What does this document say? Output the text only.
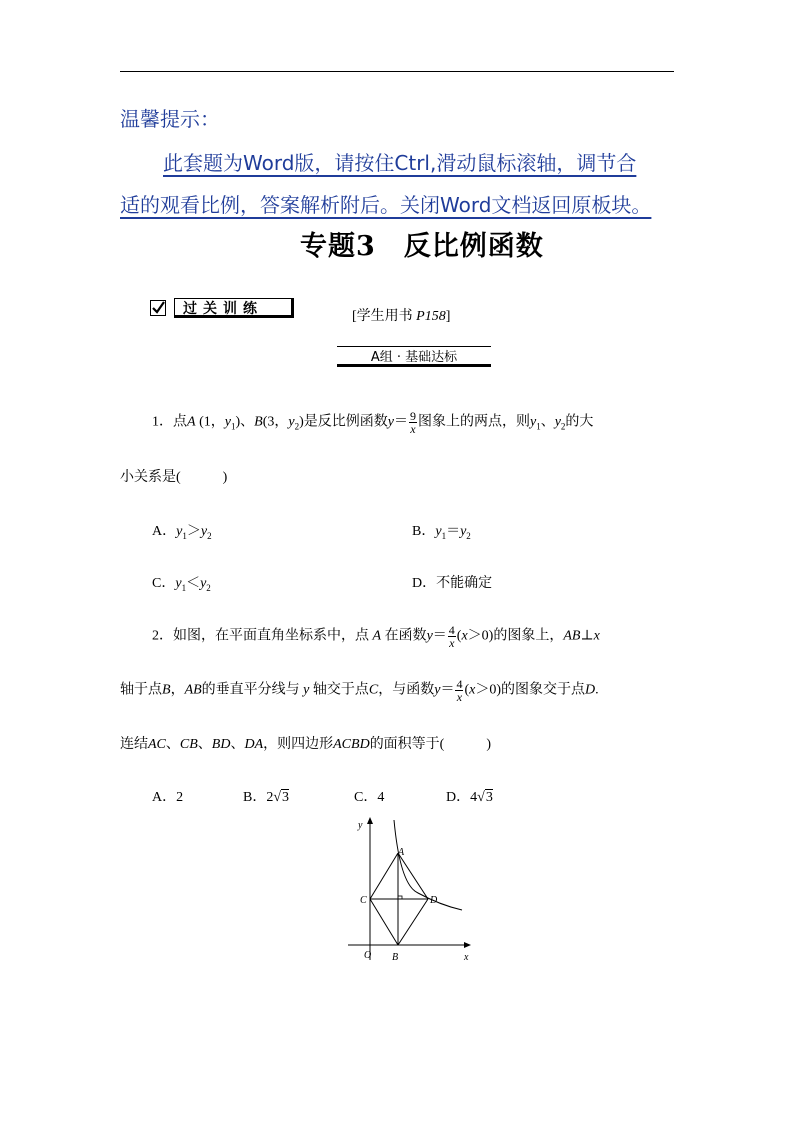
温馨提示：
此套题为Word版，请按住Ctrl,滑动鼠标滚轴，调节合
适的观看比例，答案解析附后。关闭Word文档返回原板块。
专题3 反比例函数
过关训练	[学生用书 P158]
A组 · 基础达标
1．点A (1，$y_1$)、B(3，$y_2$)是反比例函数$y= \frac{9}{x}$ 图象上的两点，则$y_1$、$y_2$的大
小关系是(　　　)
A．$y_1>y_2$	B．$y_1=y_2$
C．$y_1<y_2$	D．不能确定
2．如图，在平面直角坐标系中，点 A 在函数$y= \frac{4}{x} (x>0)$的图象上，AB⊥x
轴于点B，AB的垂直平分线与 y 轴交于点C，与函数$y= \frac{4}{x} (x>0)$的图象交于点D.
连结AC、CB、BD、DA，则四边形ACBD的面积等于(　　　)
A．2	B．2√3	C．4	D．4√3
y
x
O
A
B
C	D
